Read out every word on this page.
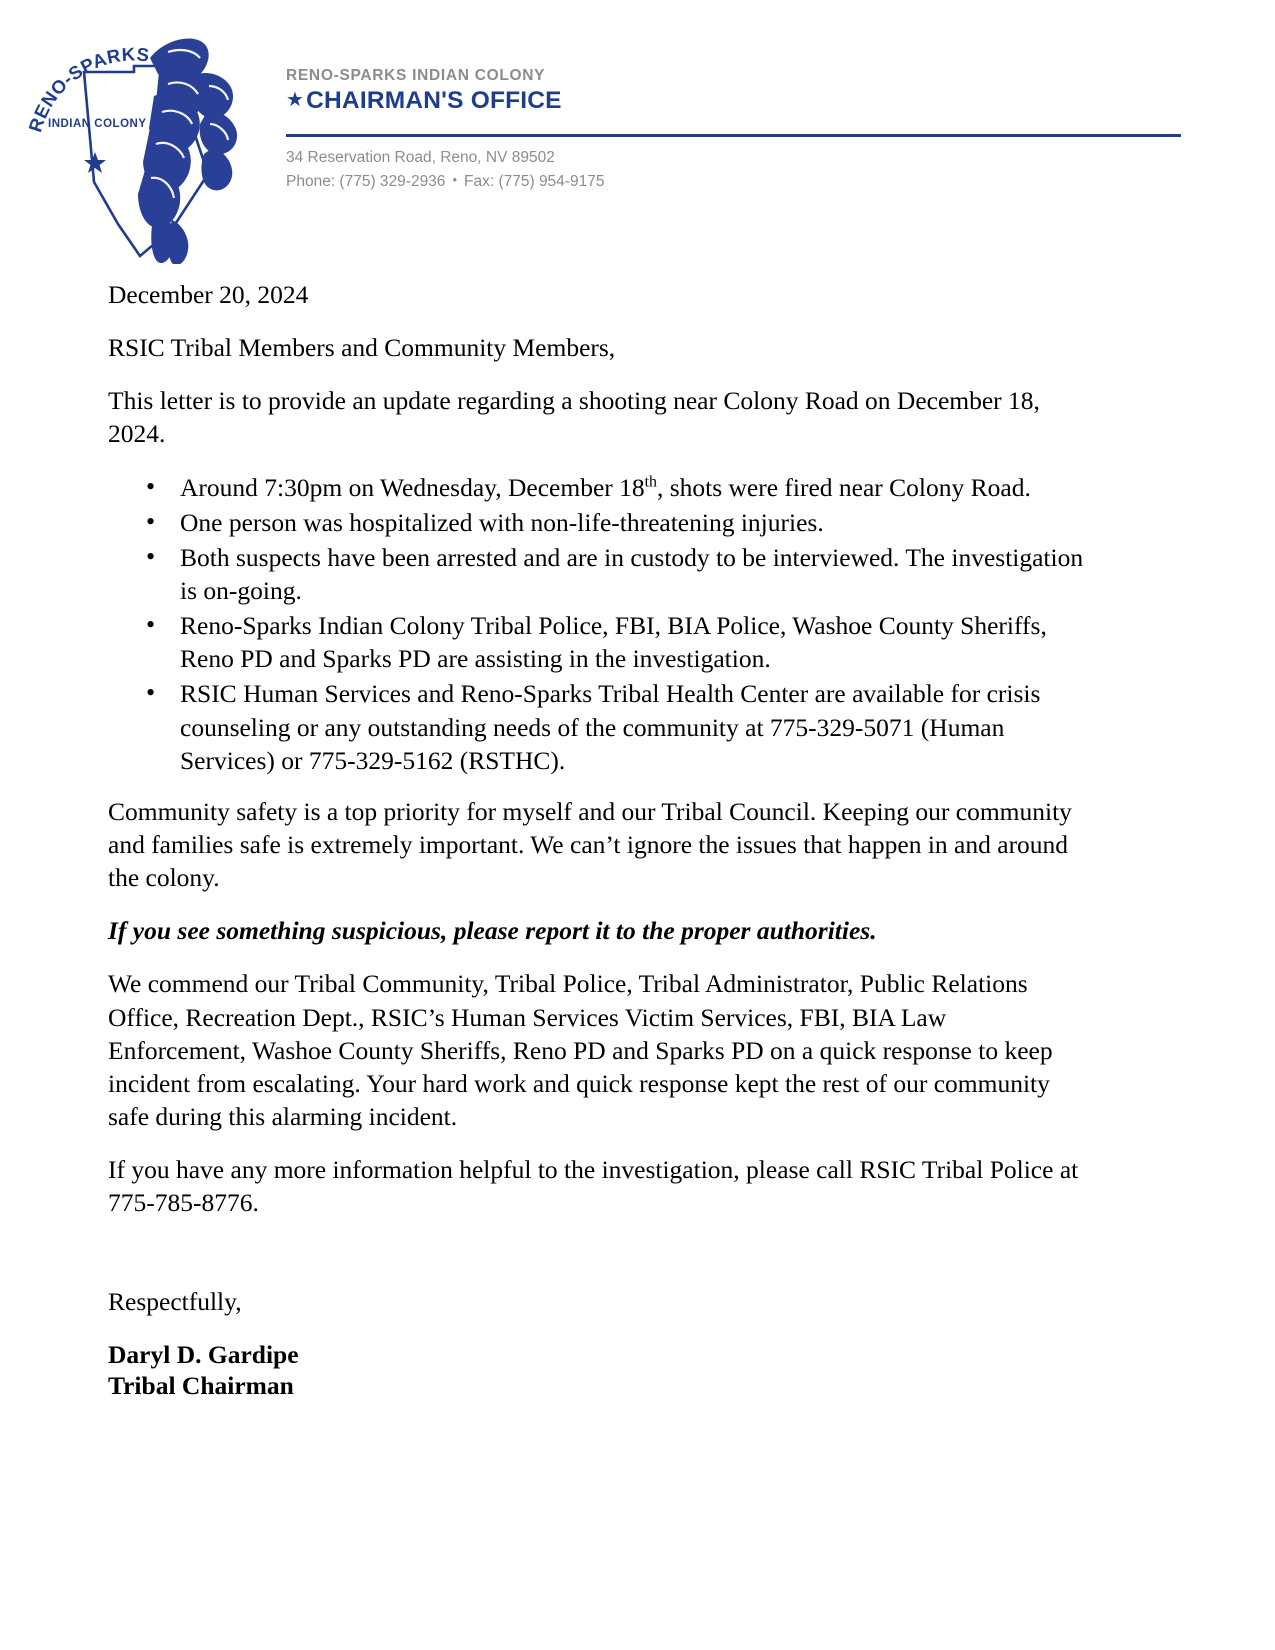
RENO-SPARKS
INDIAN COLONY
RENO-SPARKS INDIAN COLONY
★CHAIRMAN'S OFFICE
34 Reservation Road, Reno, NV 89502
Phone: (775) 329-2936 • Fax: (775) 954-9175

December 20, 2024

RSIC Tribal Members and Community Members,

This letter is to provide an update regarding a shooting near Colony Road on December 18, 2024.

• Around 7:30pm on Wednesday, December 18th, shots were fired near Colony Road.
• One person was hospitalized with non-life-threatening injuries.
• Both suspects have been arrested and are in custody to be interviewed. The investigation is on-going.
• Reno-Sparks Indian Colony Tribal Police, FBI, BIA Police, Washoe County Sheriffs, Reno PD and Sparks PD are assisting in the investigation.
• RSIC Human Services and Reno-Sparks Tribal Health Center are available for crisis counseling or any outstanding needs of the community at 775-329-5071 (Human Services) or 775-329-5162 (RSTHC).

Community safety is a top priority for myself and our Tribal Council. Keeping our community and families safe is extremely important. We can’t ignore the issues that happen in and around the colony.

If you see something suspicious, please report it to the proper authorities.

We commend our Tribal Community, Tribal Police, Tribal Administrator, Public Relations Office, Recreation Dept., RSIC’s Human Services Victim Services, FBI, BIA Law Enforcement, Washoe County Sheriffs, Reno PD and Sparks PD on a quick response to keep incident from escalating. Your hard work and quick response kept the rest of our community safe during this alarming incident.

If you have any more information helpful to the investigation, please call RSIC Tribal Police at 775-785-8776.

Respectfully,

Daryl D. Gardipe
Tribal Chairman
